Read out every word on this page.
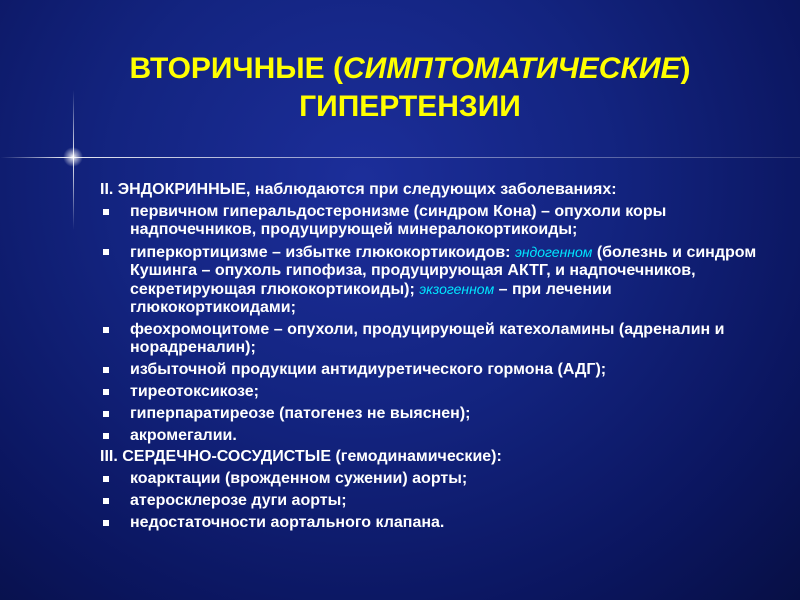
ВТОРИЧНЫЕ (СИМПТОМАТИЧЕСКИЕ)
ГИПЕРТЕНЗИИ
II. ЭНДОКРИННЫЕ, наблюдаются при следующих заболеваниях:
первичном гиперальдостеронизме (синдром Кона) – опухоли коры надпочечников, продуцирующей минералокортикоиды;
гиперкортицизме – избытке глюкокортикоидов: эндогенном (болезнь и синдром Кушинга – опухоль гипофиза, продуцирующая АКТГ, и надпочечников, секретирующая глюкокортикоиды); экзогенном – при лечении глюкокортикоидами;
феохромоцитоме – опухоли, продуцирующей катехоламины (адреналин и норадреналин);
избыточной продукции антидиуретического гормона (АДГ);
тиреотоксикозе;
гиперпаратиреозе (патогенез не выяснен);
акромегалии.
III. СЕРДЕЧНО-СОСУДИСТЫЕ (гемодинамические):
коарктации (врожденном сужении) аорты;
атеросклерозе дуги аорты;
недостаточности аортального клапана.
